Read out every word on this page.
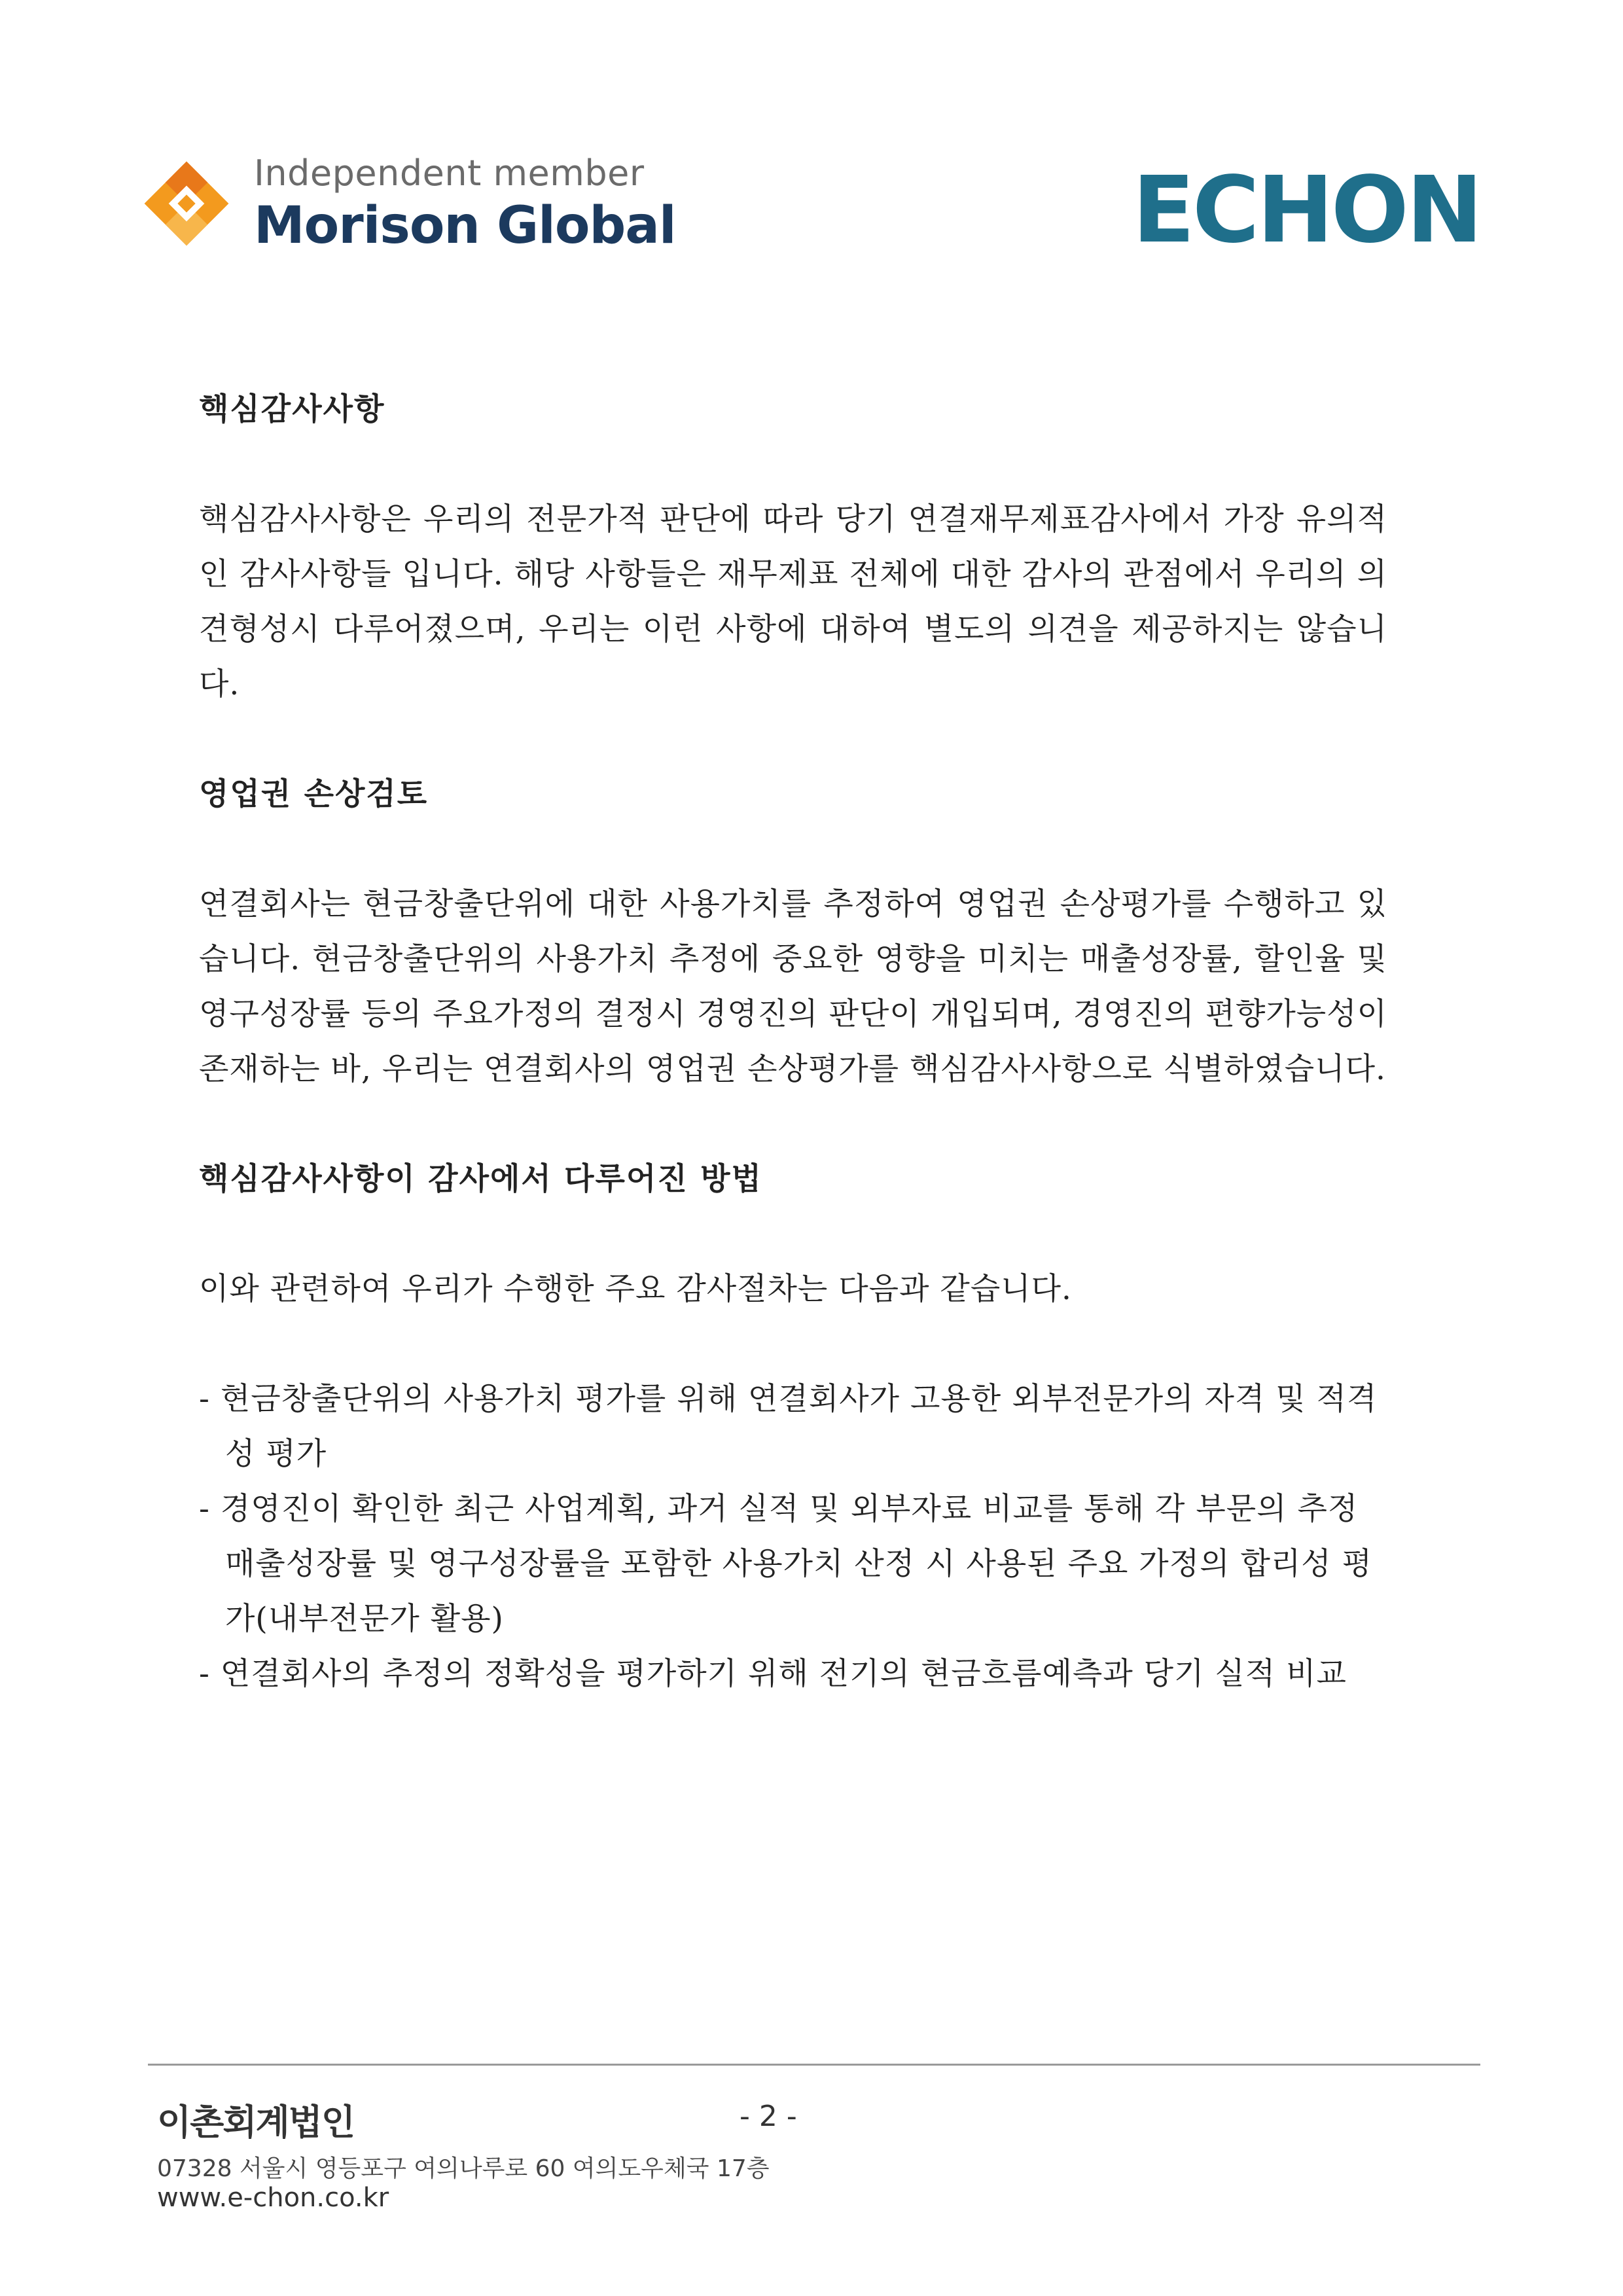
Independent member
Morison Global	ECHON
핵심감사사항
핵심감사사항은 우리의 전문가적 판단에 따라 당기 연결재무제표감사에서 가장 유의적인 감사사항들 입니다. 해당 사항들은 재무제표 전체에 대한 감사의 관점에서 우리의 의견형성시 다루어졌으며, 우리는 이런 사항에 대하여 별도의 의견을 제공하지는 않습니다.
영업권 손상검토
연결회사는 현금창출단위에 대한 사용가치를 추정하여 영업권 손상평가를 수행하고 있습니다. 현금창출단위의 사용가치 추정에 중요한 영향을 미치는 매출성장률, 할인율 및 영구성장률 등의 주요가정의 결정시 경영진의 판단이 개입되며, 경영진의 편향가능성이 존재하는 바, 우리는 연결회사의 영업권 손상평가를 핵심감사사항으로 식별하였습니다.
핵심감사사항이 감사에서 다루어진 방법
이와 관련하여 우리가 수행한 주요 감사절차는 다음과 같습니다.
- 현금창출단위의 사용가치 평가를 위해 연결회사가 고용한 외부전문가의 자격 및 적격성 평가
- 경영진이 확인한 최근 사업계획, 과거 실적 및 외부자료 비교를 통해 각 부문의 추정 매출성장률 및 영구성장률을 포함한 사용가치 산정 시 사용된 주요 가정의 합리성 평가(내부전문가 활용)
- 연결회사의 추정의 정확성을 평가하기 위해 전기의 현금흐름예측과 당기 실적 비교
이촌회계법인	- 2 -
07328 서울시 영등포구 여의나루로 60 여의도우체국 17층
www.e-chon.co.kr
